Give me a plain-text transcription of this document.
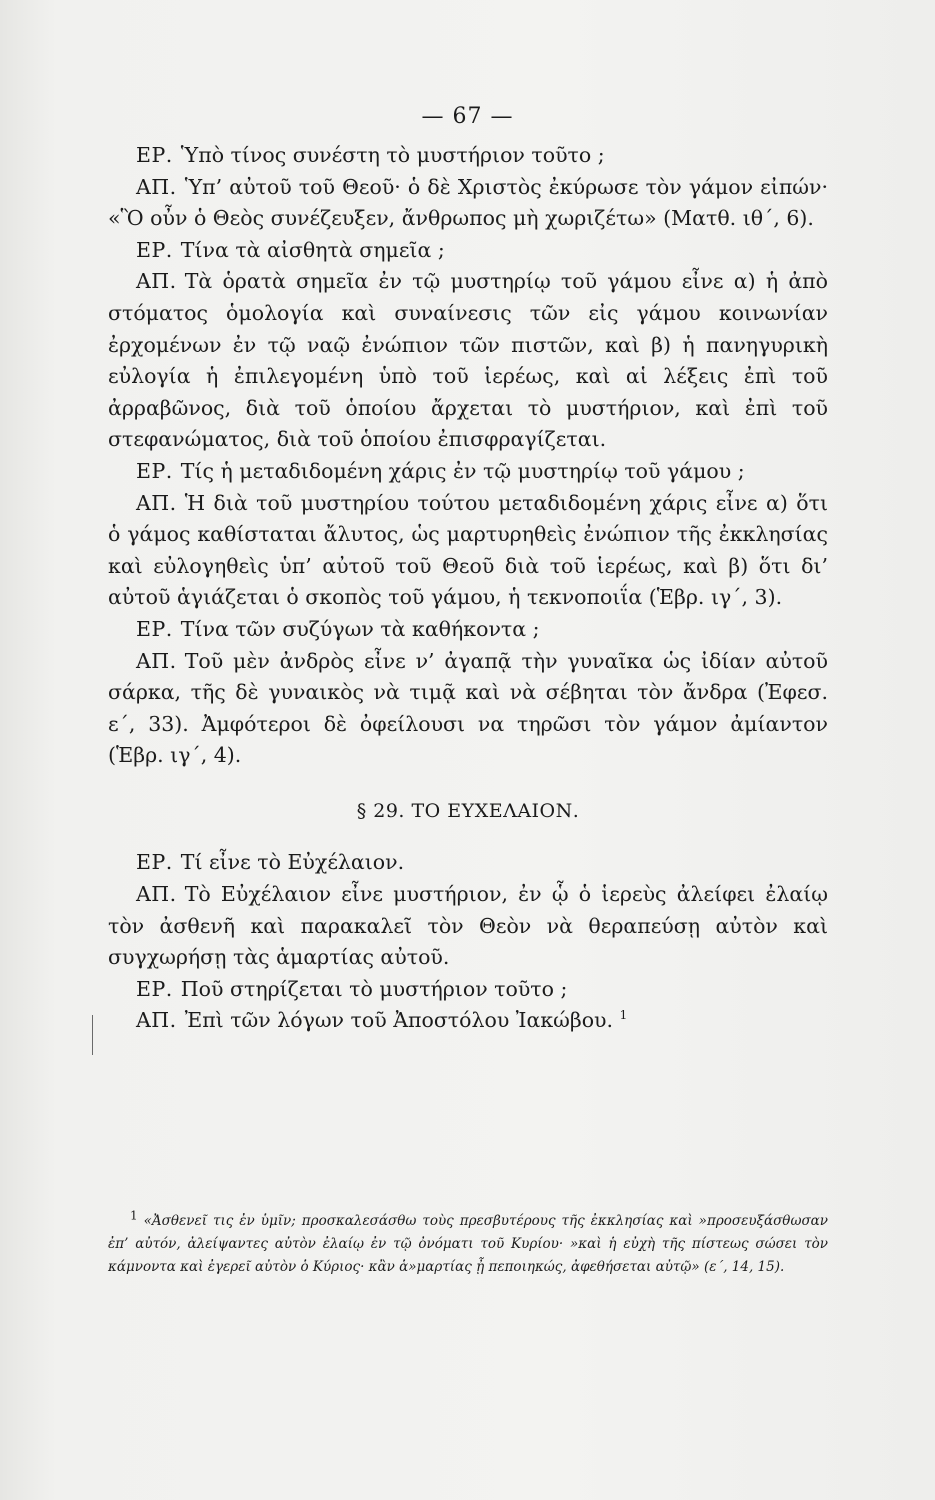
— 67 —

ΕΡ. Ὑπὸ τίνος συνέστη τὸ μυστήριον τοῦτο ;

ΑΠ. Ὑπ’ αὐτοῦ τοῦ Θεοῦ· ὁ δὲ Χριστὸς ἐκύρωσε τὸν γάμον εἰπών· «Ὃ οὖν ὁ Θεὸς συνέζευξεν, ἄνθρωπος μὴ χωριζέτω» (Ματθ. ιθ΄, 6).

ΕΡ. Τίνα τὰ αἰσθητὰ σημεῖα ;

ΑΠ. Τὰ ὁρατὰ σημεῖα ἐν τῷ μυστηρίῳ τοῦ γάμου εἶνε α) ἡ ἀπὸ στόματος ὁμολογία καὶ συναίνεσις τῶν εἰς γάμου κοινωνίαν ἐρχομένων ἐν τῷ ναῷ ἐνώπιον τῶν πιστῶν, καὶ β) ἡ πανηγυρικὴ εὐλογία ἡ ἐπιλεγομένη ὑπὸ τοῦ ἱερέως, καὶ αἱ λέξεις ἐπὶ τοῦ ἀρραβῶνος, διὰ τοῦ ὁποίου ἄρχεται τὸ μυστήριον, καὶ ἐπὶ τοῦ στεφανώματος, διὰ τοῦ ὁποίου ἐπισφραγίζεται.

ΕΡ. Τίς ἡ μεταδιδομένη χάρις ἐν τῷ μυστηρίῳ τοῦ γάμου ;

ΑΠ. Ἡ διὰ τοῦ μυστηρίου τούτου μεταδιδομένη χάρις εἶνε α) ὅτι ὁ γάμος καθίσταται ἄλυτος, ὡς μαρτυρηθεὶς ἐνώπιον τῆς ἐκκλησίας καὶ εὐλογηθεὶς ὑπ’ αὐτοῦ τοῦ Θεοῦ διὰ τοῦ ἱερέως, καὶ β) ὅτι δι’ αὐτοῦ ἁγιάζεται ὁ σκοπὸς τοῦ γάμου, ἡ τεκνοποιΐα (Ἑβρ. ιγ΄, 3).

ΕΡ. Τίνα τῶν συζύγων τὰ καθήκοντα ;

ΑΠ. Τοῦ μὲν ἀνδρὸς εἶνε ν’ ἀγαπᾷ τὴν γυναῖκα ὡς ἰδίαν αὐτοῦ σάρκα, τῆς δὲ γυναικὸς νὰ τιμᾷ καὶ νὰ σέβηται τὸν ἄνδρα (Ἐφεσ. ε΄, 33). Ἀμφότεροι δὲ ὀφείλουσι να τηρῶσι τὸν γάμον ἀμίαντον (Ἑβρ. ιγ΄, 4).

§ 29. ΤΟ ΕΥΧΕΛΑΙΟΝ.

ΕΡ. Τί εἶνε τὸ Εὐχέλαιον.

ΑΠ. Τὸ Εὐχέλαιον εἶνε μυστήριον, ἐν ᾧ ὁ ἱερεὺς ἀλείφει ἐλαίῳ τὸν ἀσθενῆ καὶ παρακαλεῖ τὸν Θεὸν νὰ θεραπεύσῃ αὐτὸν καὶ συγχωρήσῃ τὰς ἁμαρτίας αὐτοῦ.

ΕΡ. Ποῦ στηρίζεται τὸ μυστήριον τοῦτο ;

ΑΠ. Ἐπὶ τῶν λόγων τοῦ Ἀποστόλου Ἰακώβου. $^1$

1 «Ἀσθενεῖ τις ἐν ὑμῖν; προσκαλεσάσθω τοὺς πρεσβυτέρους τῆς ἐκκλησίας καὶ »προσευξάσθωσαν ἐπ’ αὐτόν, ἀλείψαντες αὐτὸν ἐλαίῳ ἐν τῷ ὀνόματι τοῦ Κυρίου· »καὶ ἡ εὐχὴ τῆς πίστεως σώσει τὸν κάμνοντα καὶ ἐγερεῖ αὐτὸν ὁ Κύριος· κἂν ἁ»μαρτίας ᾖ πεποιηκώς, ἀφεθήσεται αὐτῷ» (ε΄, 14, 15).
